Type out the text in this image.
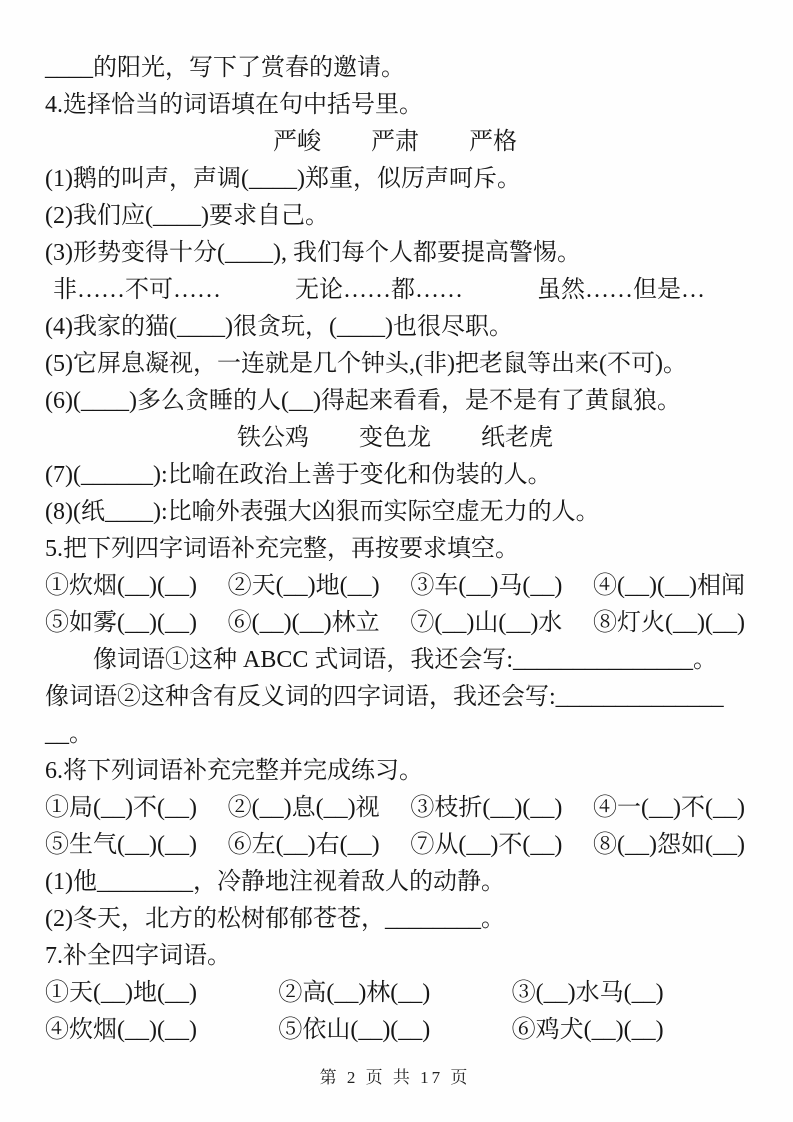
____的阳光，写下了赏春的邀请。
4.选择恰当的词语填在句中括号里。
严峻 严肃 严格
(1)鹅的叫声，声调(____)郑重，似厉声呵斥。
(2)我们应(____)要求自己。
(3)形势变得十分(____), 我们每个人都要提高警惕。
非……不可……	无论……都……	虽然……但是…
(4)我家的猫(____)很贪玩，(____)也很尽职。
(5)它屏息凝视，一连就是几个钟头,(非)把老鼠等出来(不可)。
(6)(____)多么贪睡的人(__)得起来看看，是不是有了黄鼠狼。
铁公鸡 变色龙 纸老虎
(7)(______):比喻在政治上善于变化和伪装的人。
(8)(纸____):比喻外表强大凶狠而实际空虚无力的人。
5.把下列四字词语补充完整，再按要求填空。
①炊烟(__)(__) ②天(__)地(__) ③车(__)马(__) ④(__)(__)相闻
⑤如雾(__)(__) ⑥(__)(__)林立 ⑦(__)山(__)水 ⑧灯火(__)(__)
像词语①这种 ABCC 式词语，我还会写:_______________。
像词语②这种含有反义词的四字词语，我还会写:______________
__。
6.将下列词语补充完整并完成练习。
①局(__)不(__) ②(__)息(__)视 ③枝折(__)(__) ④一(__)不(__)
⑤生气(__)(__) ⑥左(__)右(__) ⑦从(__)不(__) ⑧(__)怨如(__)
(1)他________，冷静地注视着敌人的动静。
(2)冬天，北方的松树郁郁苍苍，________。
7.补全四字词语。
①天(__)地(__)	②高(__)林(__)	③(__)水马(__)
④炊烟(__)(__)	⑤依山(__)(__)	⑥鸡犬(__)(__)
第 2 页 共 17 页
